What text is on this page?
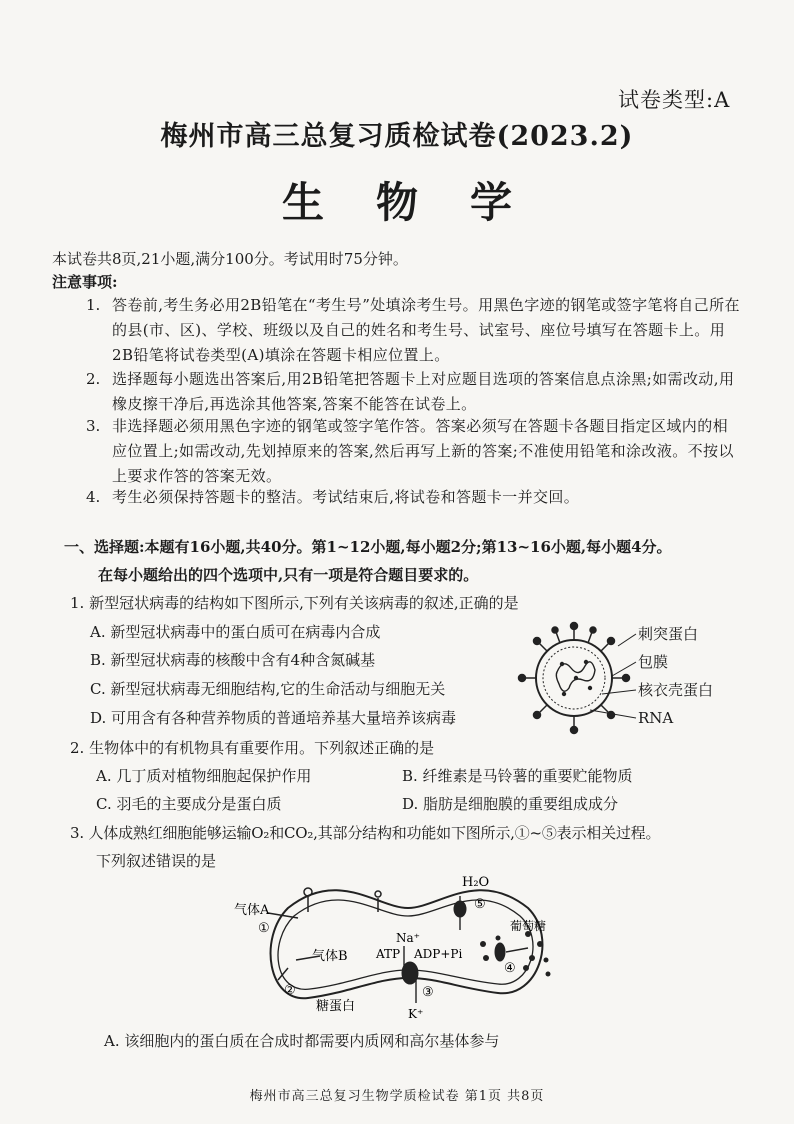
试卷类型:A
梅州市高三总复习质检试卷(2023.2)
生物学
本试卷共8页,21小题,满分100分。考试用时75分钟。
注意事项:
1. 答卷前,考生务必用2B铅笔在“考生号”处填涂考生号。用黑色字迹的钢笔或签字笔将自己所在的县(市、区)、学校、班级以及自己的姓名和考生号、试室号、座位号填写在答题卡上。用2B铅笔将试卷类型(A)填涂在答题卡相应位置上。
2. 选择题每小题选出答案后,用2B铅笔把答题卡上对应题目选项的答案信息点涂黑;如需改动,用橡皮擦干净后,再选涂其他答案,答案不能答在试卷上。
3. 非选择题必须用黑色字迹的钢笔或签字笔作答。答案必须写在答题卡各题目指定区域内的相应位置上;如需改动,先划掉原来的答案,然后再写上新的答案;不准使用铅笔和涂改液。不按以上要求作答的答案无效。
4. 考生必须保持答题卡的整洁。考试结束后,将试卷和答题卡一并交回。
一、选择题:本题有16小题,共40分。第1~12小题,每小题2分;第13~16小题,每小题4分。
在每小题给出的四个选项中,只有一项是符合题目要求的。
1. 新型冠状病毒的结构如下图所示,下列有关该病毒的叙述,正确的是
A. 新型冠状病毒中的蛋白质可在病毒内合成
B. 新型冠状病毒的核酸中含有4种含氮碱基
C. 新型冠状病毒无细胞结构,它的生命活动与细胞无关
D. 可用含有各种营养物质的普通培养基大量培养该病毒
刺突蛋白
包膜
核衣壳蛋白
RNA
2. 生物体中的有机物具有重要作用。下列叙述正确的是
A. 几丁质对植物细胞起保护作用	B. 纤维素是马铃薯的重要贮能物质
C. 羽毛的主要成分是蛋白质	D. 脂肪是细胞膜的重要组成成分
3. 人体成熟红细胞能够运输O₂和CO₂,其部分结构和功能如下图所示,①~⑤表示相关过程。
下列叙述错误的是
气体A
①
气体B
②
糖蛋白
Na⁺
ATP ADP+Pi
③
K⁺
H₂O
⑤
葡萄糖
④
A. 该细胞内的蛋白质在合成时都需要内质网和高尔基体参与
梅州市高三总复习生物学质检试卷 第1页 共8页
